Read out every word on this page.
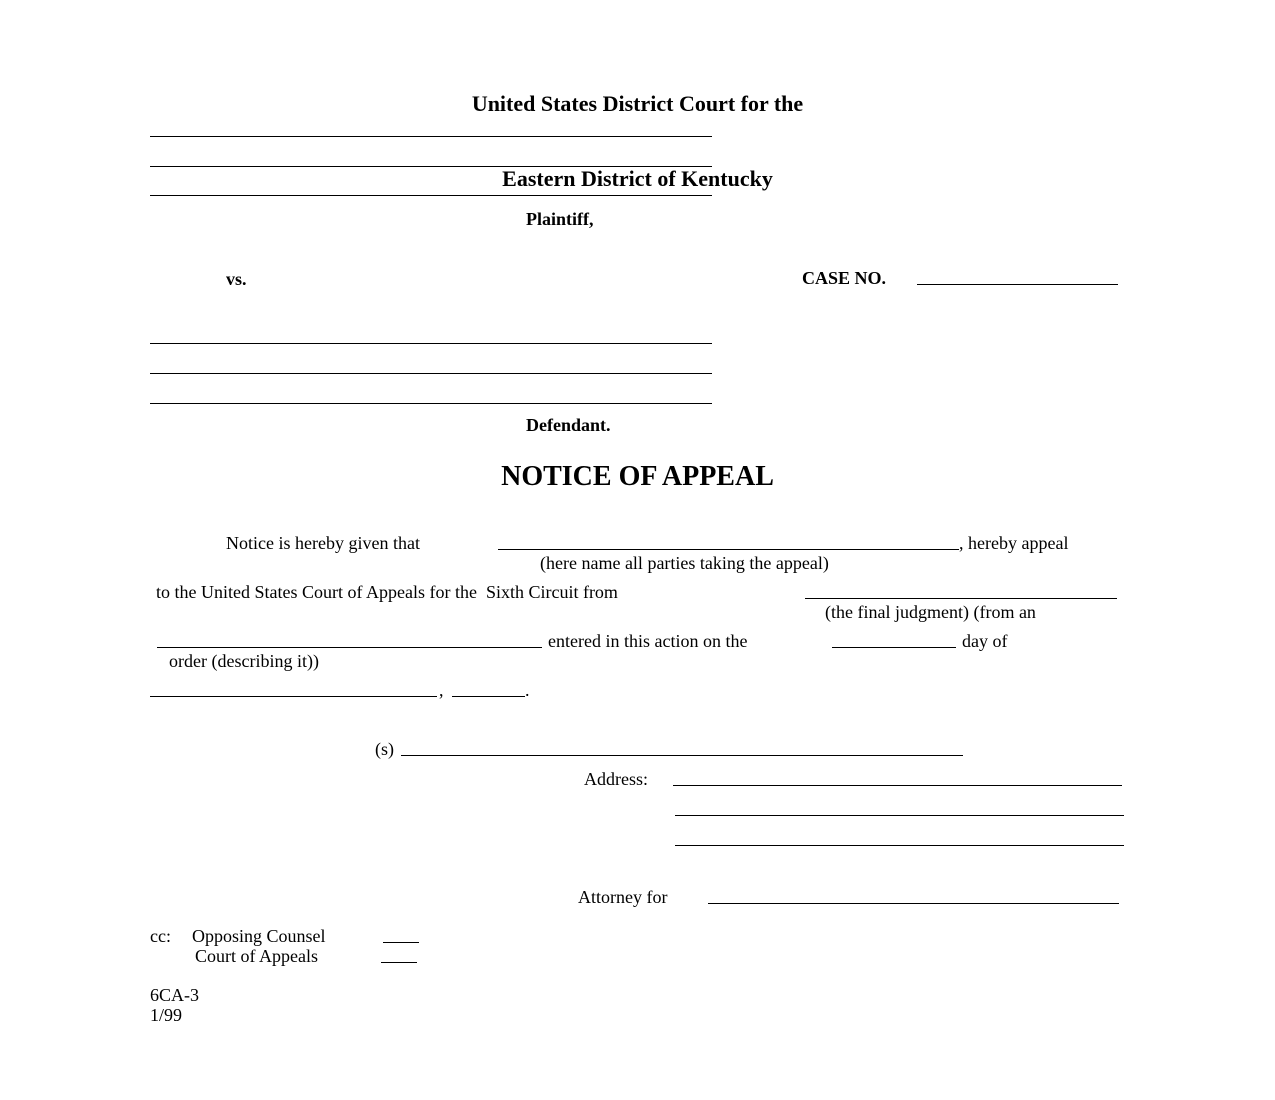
United States District Court for the

Eastern District of Kentucky

Plaintiff,
vs.	CASE NO.
Defendant.
NOTICE OF APPEAL
Notice is hereby given that	, hereby appeal
(here name all parties taking the appeal)
to the United States Court of Appeals for the  Sixth Circuit from
(the final judgment) (from an
entered in this action on the	day of
order (describing it))
,	.
(s)
Address:
Attorney for
cc: Opposing Counsel
Court of Appeals
6CA-3
1/99
